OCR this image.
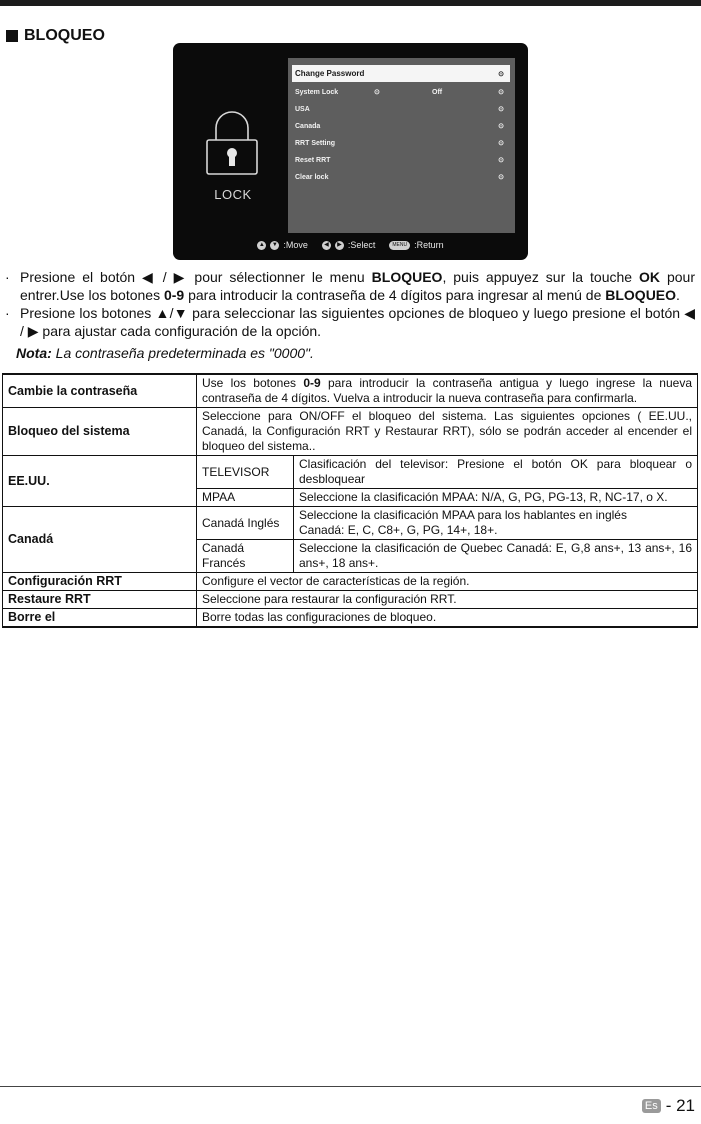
BLOQUEO
LOCK
Change Password	⊙
System Lock	⊙	Off	⊙
USA	⊙
Canada	⊙
RRT Setting	⊙
Reset RRT	⊙
Clear lock	⊙
▲ ▼ :Move	◀	▶ :Select	MENU :Return
· Presione el botón ◀ / ▶ pour sélectionner le menu BLOQUEO, puis appuyez sur la touche OK pour entrer.Use los botones 0-9 para introducir la contraseña de 4 dígitos para ingresar al menú de BLOQUEO.
· Presione los botones ▲/▼ para seleccionar las siguientes opciones de bloqueo y luego presione el botón ◀ / ▶ para ajustar cada configuración de la opción.
Nota: La contraseña predeterminada es "0000".
Cambie la contraseña	Use los botones 0-9 para introducir la contraseña antigua y luego ingrese la nueva contraseña de 4 dígitos. Vuelva a introducir la nueva contraseña para confirmarla.	
Bloqueo del sistema	Seleccione para ON/OFF el bloqueo del sistema. Las siguientes opciones ( EE.UU., Canadá, la Configuración RRT y Restaurar RRT), sólo se podrán acceder al encender el bloqueo del sistema..	
EE.UU.	TELEVISOR	Clasificación del televisor: Presione el botón OK para bloquear o desbloquear
	MPAA	Seleccione la clasificación MPAA: N/A, G, PG, PG-13, R, NC-17, o X.
Canadá	Canadá Inglés	Seleccione la clasificación MPAA para los hablantes en inglés
Canadá: E, C, C8+, G, PG, 14+, 18+.
	Canadá Francés	Seleccione la clasificación de Quebec Canadá: E, G,8 ans+, 13 ans+, 16 ans+, 18 ans+.
Configuración RRT	Configure el vector de características de la región.	
Restaure RRT	Seleccione para restaurar la configuración RRT.	
Borre el	Borre todas las configuraciones de bloqueo.	
Es - 21
